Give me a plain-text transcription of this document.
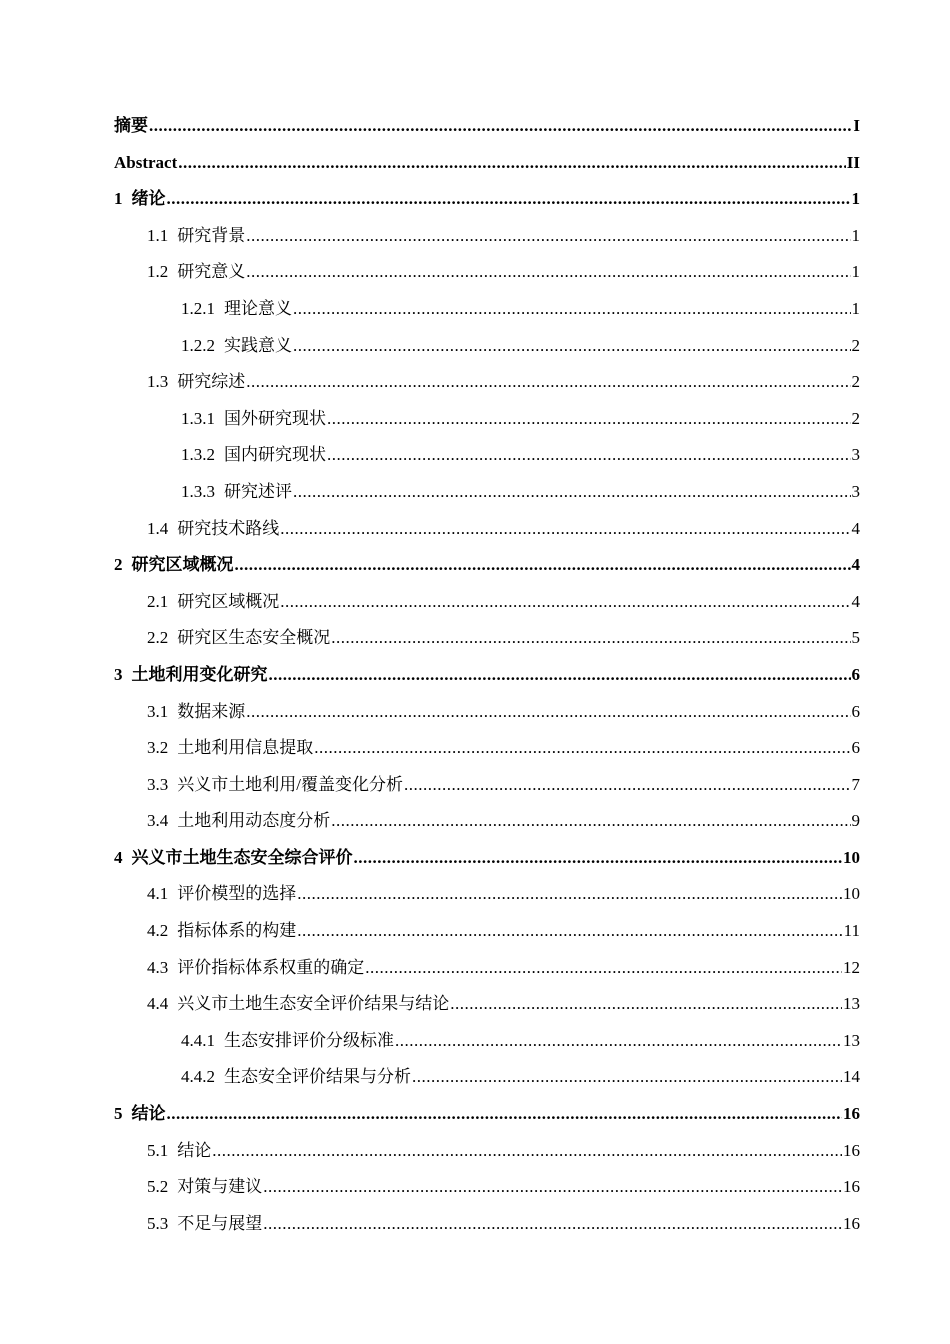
摘要 .....	I
Abstract .....	II
1 绪论 .....	1
1.1 研究背景 .....	1
1.2 研究意义 .....	1
1.2.1 理论意义 .....	1
1.2.2 实践意义 .....	2
1.3 研究综述 .....	2
1.3.1 国外研究现状 .....	2
1.3.2 国内研究现状 .....	3
1.3.3 研究述评 .....	3
1.4 研究技术路线 .....	4
2 研究区域概况 .....	4
2.1 研究区域概况 .....	4
2.2 研究区生态安全概况 .....	5
3 土地利用变化研究 .....	6
3.1 数据来源 .....	6
3.2 土地利用信息提取 .....	6
3.3 兴义市土地利用/覆盖变化分析 .....	7
3.4 土地利用动态度分析 .....	9
4 兴义市土地生态安全综合评价 .....	10
4.1 评价模型的选择 .....	10
4.2 指标体系的构建 .....	11
4.3 评价指标体系权重的确定 .....	12
4.4 兴义市土地生态安全评价结果与结论 .....	13
4.4.1 生态安排评价分级标准 .....	13
4.4.2 生态安全评价结果与分析 .....	14
5 结论 .....	16
5.1 结论 .....	16
5.2 对策与建议 .....	16
5.3 不足与展望 .....	16
